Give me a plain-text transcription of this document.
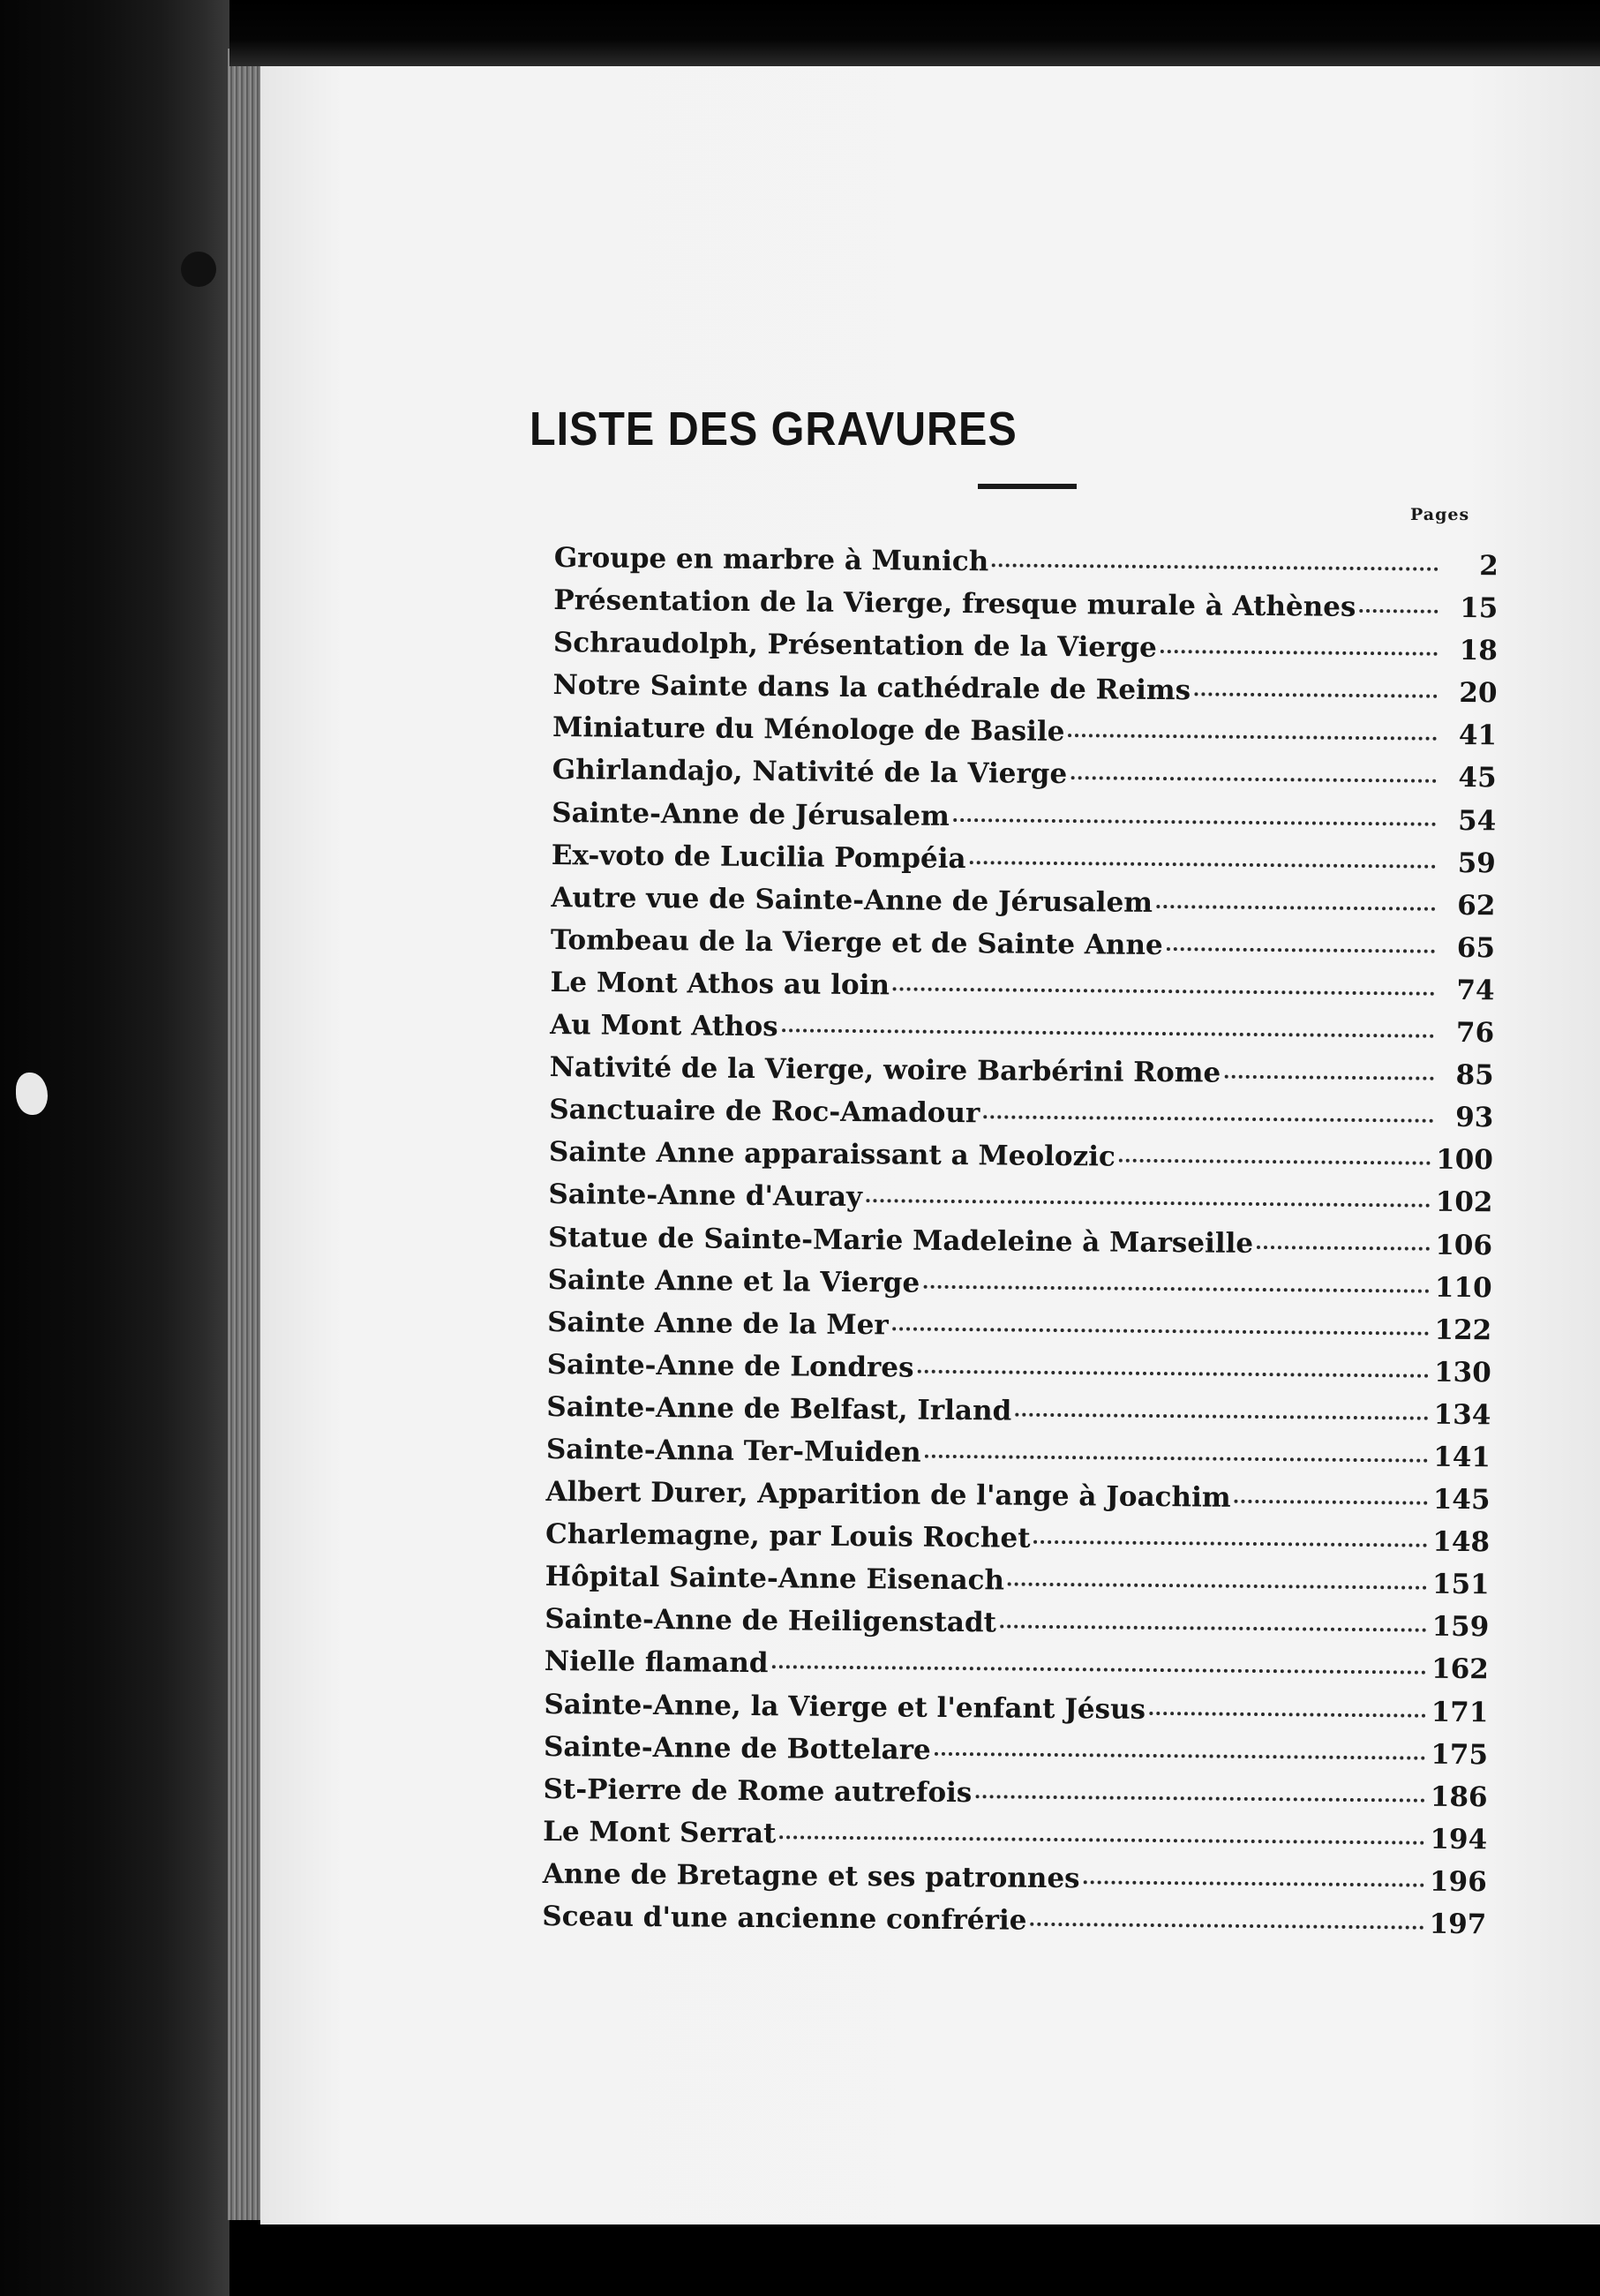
LISTE DES GRAVURES
Pages
Groupe en marbre à Munich	2
Présentation de la Vierge, fresque murale à Athènes	15
Schraudolph, Présentation de la Vierge	18
Notre Sainte dans la cathédrale de Reims	20
Miniature du Ménologe de Basile	41
Ghirlandajo, Nativité de la Vierge	45
Sainte-Anne de Jérusalem	54
Ex-voto de Lucilia Pompéia	59
Autre vue de Sainte-Anne de Jérusalem	62
Tombeau de la Vierge et de Sainte Anne	65
Le Mont Athos au loin	74
Au Mont Athos	76
Nativité de la Vierge, woire Barbérini Rome	85
Sanctuaire de Roc-Amadour	93
Sainte Anne apparaissant a Meolozic	100
Sainte-Anne d'Auray	102
Statue de Sainte-Marie Madeleine à Marseille	106
Sainte Anne et la Vierge	110
Sainte Anne de la Mer	122
Sainte-Anne de Londres	130
Sainte-Anne de Belfast, Irland	134
Sainte-Anna Ter-Muiden	141
Albert Durer, Apparition de l'ange à Joachim	145
Charlemagne, par Louis Rochet	148
Hôpital Sainte-Anne Eisenach	151
Sainte-Anne de Heiligenstadt	159
Nielle flamand	162
Sainte-Anne, la Vierge et l'enfant Jésus	171
Sainte-Anne de Bottelare	175
St-Pierre de Rome autrefois	186
Le Mont Serrat	194
Anne de Bretagne et ses patronnes	196
Sceau d'une ancienne confrérie	197
